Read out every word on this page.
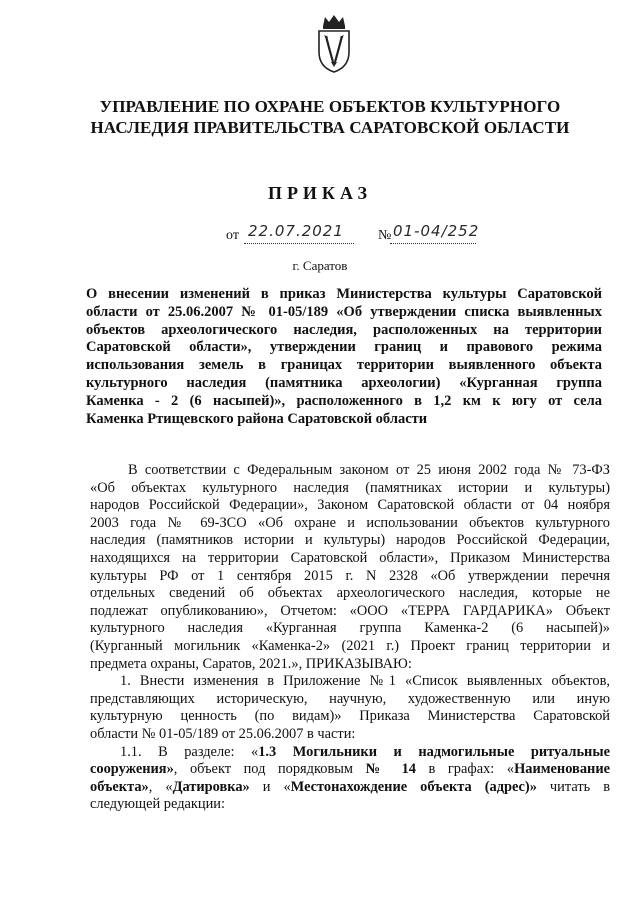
УПРАВЛЕНИЕ ПО ОХРАНЕ ОБЪЕКТОВ КУЛЬТУРНОГО
НАСЛЕДИЯ ПРАВИТЕЛЬСТВА САРАТОВСКОЙ ОБЛАСТИ
ПРИКАЗ
от 22.07.2021 № 01-04/252
г. Саратов
О внесении изменений в приказ Министерства культуры Саратовской
области от 25.06.2007 № 01-05/189 «Об утверждении списка выявленных
объектов археологического наследия, расположенных на территории
Саратовской области», утверждении границ и правового режима
использования земель в границах территории выявленного объекта
культурного наследия (памятника археологии) «Курганная группа
Каменка - 2 (6 насыпей)», расположенного в 1,2 км к югу от села
Каменка Ртищевского района Саратовской области
В соответствии с Федеральным законом от 25 июня 2002 года № 73-ФЗ
«Об объектах культурного наследия (памятниках истории и культуры)
народов Российской Федерации», Законом Саратовской области от 04 ноября
2003 года № 69-ЗСО «Об охране и использовании объектов культурного
наследия (памятников истории и культуры) народов Российской Федерации,
находящихся на территории Саратовской области», Приказом Министерства
культуры РФ от 1 сентября 2015 г. N 2328 «Об утверждении перечня
отдельных сведений об объектах археологического наследия, которые не
подлежат опубликованию», Отчетом: «ООО «ТЕРРА ГАРДАРИКА» Объект
культурного наследия «Курганная группа Каменка-2 (6 насыпей)»
(Курганный могильник «Каменка-2» (2021 г.) Проект границ территории и
предмета охраны, Саратов, 2021.», ПРИКАЗЫВАЮ:
1. Внести изменения в Приложение №1 «Список выявленных объектов,
представляющих историческую, научную, художественную или иную
культурную ценность (по видам)» Приказа Министерства Саратовской
области № 01-05/189 от 25.06.2007 в части:
1.1. В разделе: «1.3 Могильники и надмогильные ритуальные
сооружения», объект под порядковым № 14 в графах: «Наименование
объекта», «Датировка» и «Местонахождение объекта (адрес)» читать в
следующей редакции:
